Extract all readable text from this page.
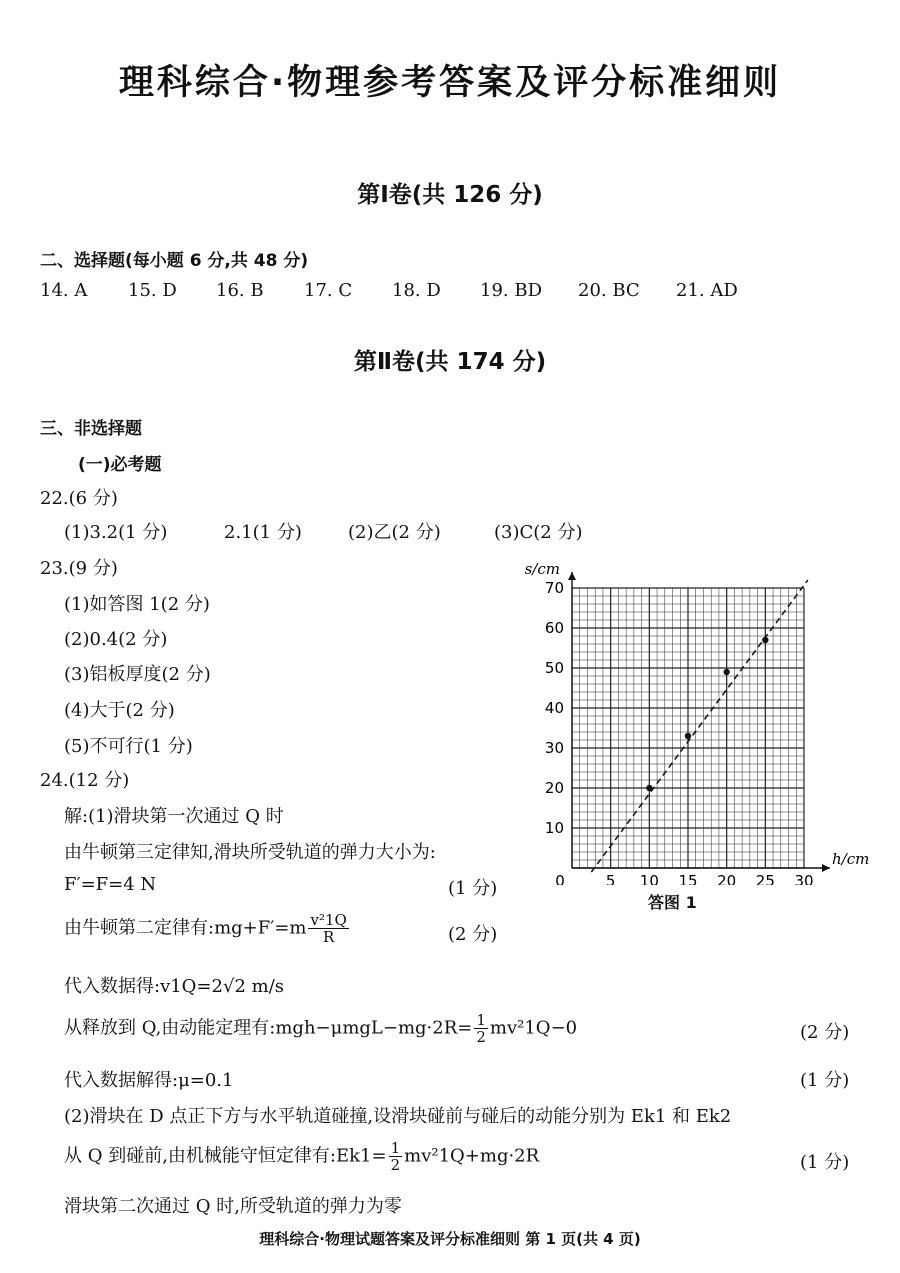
理科综合·物理参考答案及评分标准细则
第Ⅰ卷(共 126 分)
二、选择题(每小题 6 分,共 48 分)
14. A	15. D	16. B	17. C	18. D	19. BD	20. BC	21. AD
第Ⅱ卷(共 174 分)
三、非选择题
(一)必考题
22.(6 分)
(1)3.2(1 分)	2.1(1 分)	(2)乙(2 分)	(3)C(2 分)
23.(9 分)
(1)如答图 1(2 分)
(2)0.4(2 分)
(3)铝板厚度(2 分)
(4)大于(2 分)
(5)不可行(1 分)
0	5 10 15 20 25 30
10
20
30
40
50
60
70
h/cm
s/cm
答图 1
24.(12 分)
解:(1)滑块第一次通过 Q 时
由牛顿第三定律知,滑块所受轨道的弹力大小为:
F′=F=4 N	(1 分)
由牛顿第二定律有:mg+F′=m $\frac{\text{v²1Q}}{R}$	(2 分)
代入数据得:v1Q=2√2 m/s
从释放到 Q,由动能定理有:mgh−μmgL−mg·2R= $\frac{1}{2} mv^21Q-0$	(2 分)
代入数据解得:μ=0.1	(1 分)
(2)滑块在 D 点正下方与水平轨道碰撞,设滑块碰前与碰后的动能分别为 Ek1 和 Ek2
从 Q 到碰前,由机械能守恒定律有:Ek1= $\frac{1}{2} mv^21Q+mg\cdot 2R$	(1 分)
滑块第二次通过 Q 时,所受轨道的弹力为零
理科综合·物理试题答案及评分标准细则 第 1 页(共 4 页)
